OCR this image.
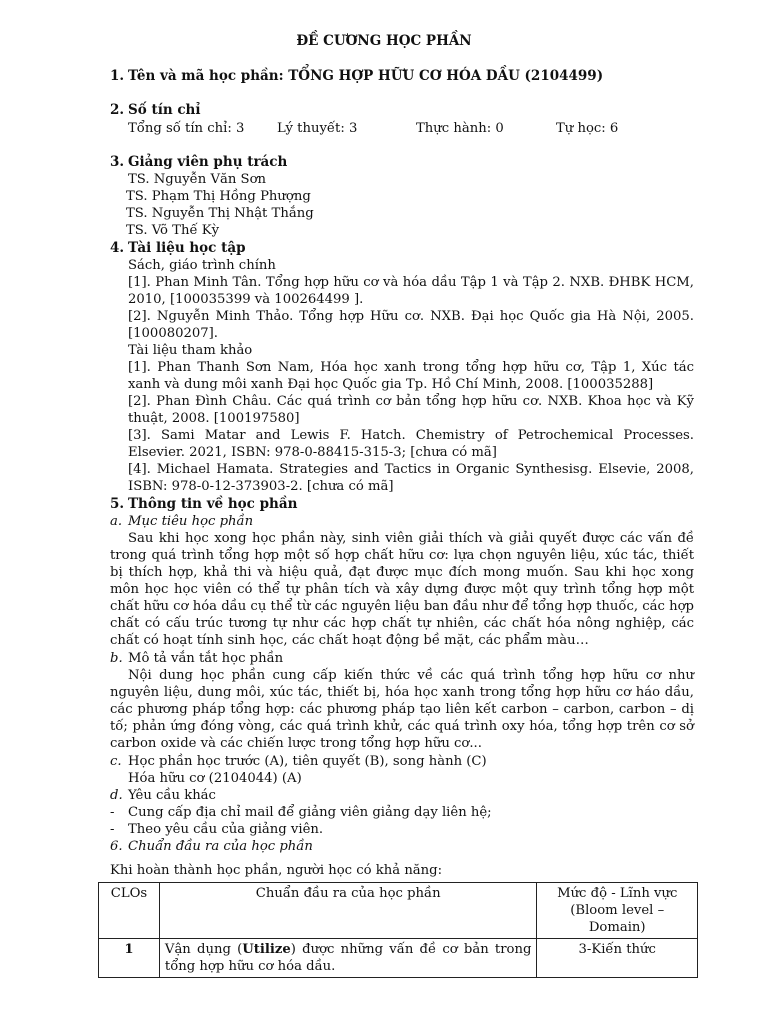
ĐỀ CƯƠNG HỌC PHẦN
1. Tên và mã học phần: TỔNG HỢP HỮU CƠ HÓA DẦU (2104499)
2. Số tín chỉ
Tổng số tín chỉ: 3 Lý thuyết: 3	Thực hành: 0	Tự học: 6
3. Giảng viên phụ trách
TS. Nguyễn Văn Sơn
TS. Phạm Thị Hồng Phượng
TS. Nguyễn Thị Nhật Thắng
TS. Võ Thế Kỳ
4. Tài liệu học tập
Sách, giáo trình chính

[1]. Phan Minh Tân. Tổng hợp hữu cơ và hóa dầu Tập 1 và Tập 2. NXB. ĐHBK HCM, 2010, [100035399 và 100264499 ].

[2]. Nguyễn Minh Thảo. Tổng hợp Hữu cơ. NXB. Đại học Quốc gia Hà Nội, 2005. [100080207].

Tài liệu tham khảo

[1]. Phan Thanh Sơn Nam, Hóa học xanh trong tổng hợp hữu cơ, Tập 1, Xúc tác xanh và dung môi xanh Đại học Quốc gia Tp. Hồ Chí Minh, 2008. [100035288]

[2]. Phan Đình Châu. Các quá trình cơ bản tổng hợp hữu cơ. NXB. Khoa học và Kỹ thuật, 2008. [100197580]

[3]. Sami Matar and Lewis F. Hatch. Chemistry of Petrochemical Processes. Elsevier. 2021, ISBN: 978-0-88415-315-3; [chưa có mã]

[4]. Michael Hamata. Strategies and Tactics in Organic Synthesisg. Elsevie, 2008, ISBN: 978-0-12-373903-2. [chưa có mã]

5. Thông tin về học phần
a. Mục tiêu học phần
Sau khi học xong học phần này, sinh viên giải thích và giải quyết được các vấn đề trong quá trình tổng hợp một số hợp chất hữu cơ: lựa chọn nguyên liệu, xúc tác, thiết bị thích hợp, khả thi và hiệu quả, đạt được mục đích mong muốn. Sau khi học xong môn học học viên có thể tự phân tích và xây dựng được một quy trình tổng hợp một chất hữu cơ hóa dầu cụ thể từ các nguyên liệu ban đầu như để tổng hợp thuốc, các hợp chất có cấu trúc tương tự như các hợp chất tự nhiên, các chất hóa nông nghiệp, các chất có hoạt tính sinh học, các chất hoạt động bề mặt, các phẩm màu…
b. Mô tả vắn tắt học phần
Nội dung học phần cung cấp kiến thức về các quá trình tổng hợp hữu cơ như nguyên liệu, dung môi, xúc tác, thiết bị, hóa học xanh trong tổng hợp hữu cơ háo dầu, các phương pháp tổng hợp: các phương pháp tạo liên kết carbon – carbon, carbon – dị tố; phản ứng đóng vòng, các quá trình khử, các quá trình oxy hóa, tổng hợp trên cơ sở carbon oxide và các chiến lược trong tổng hợp hữu cơ...
c. Học phần học trước (A), tiên quyết (B), song hành (C)
Hóa hữu cơ (2104044) (A)
d. Yêu cầu khác
- Cung cấp địa chỉ mail để giảng viên giảng dạy liên hệ;
- Theo yêu cầu của giảng viên.
6. Chuẩn đầu ra của học phần
Khi hoàn thành học phần, người học có khả năng:
CLOs	Chuẩn đầu ra của học phần	Mức độ - Lĩnh vực (Bloom level – Domain)
1	Vận dụng (Utilize) được những vấn đề cơ bản trong tổng hợp hữu cơ hóa dầu.	3-Kiến thức
